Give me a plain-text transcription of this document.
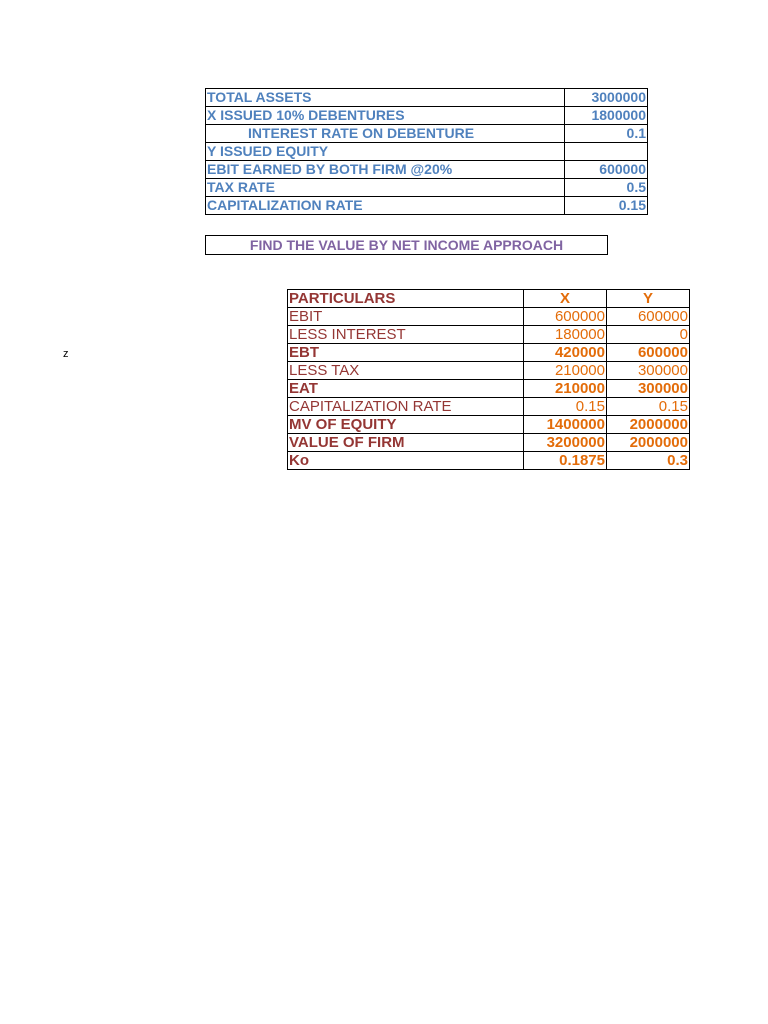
TOTAL ASSETS	3000000
X ISSUED 10% DEBENTURES	1800000
INTEREST RATE ON DEBENTURE	0.1
Y ISSUED EQUITY	
EBIT EARNED BY BOTH FIRM @20%	600000
TAX RATE	0.5
CAPITALIZATION RATE	0.15
FIND THE VALUE BY NET INCOME APPROACH
z
PARTICULARS	X	Y
EBIT	600000	600000
LESS INTEREST	180000	0
EBT	420000	600000
LESS TAX	210000	300000
EAT	210000	300000
CAPITALIZATION RATE	0.15	0.15
MV OF EQUITY	1400000	2000000
VALUE OF FIRM	3200000	2000000
Ko	0.1875	0.3
